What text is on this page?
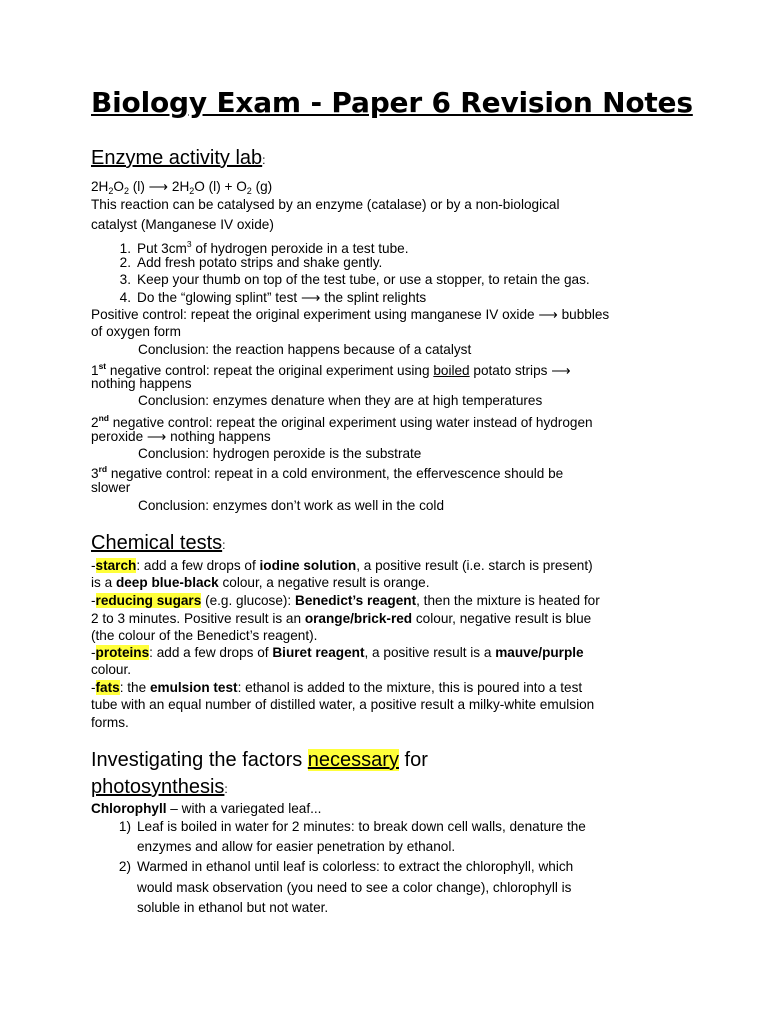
Biology Exam - Paper 6 Revision Notes
Enzyme activity lab:
$2H_2O_2$ (l) ⟶ $2H_2O$ $(l) + O_2$ (g)
This reaction can be catalysed by an enzyme (catalase) or by a non-biological
catalyst (Manganese IV oxide)
1. Put $3cm^3$ of hydrogen peroxide in a test tube.
2. Add fresh potato strips and shake gently.
3. Keep your thumb on top of the test tube, or use a stopper, to retain the gas.
4. Do the “glowing splint” test ⟶ the splint relights
Positive control: repeat the original experiment using manganese IV oxide ⟶ bubbles
of oxygen form
Conclusion: the reaction happens because of a catalyst
1st negative control: repeat the original experiment using boiled potato strips ⟶
nothing happens
Conclusion: enzymes denature when they are at high temperatures
2nd negative control: repeat the original experiment using water instead of hydrogen
peroxide ⟶ nothing happens
Conclusion: hydrogen peroxide is the substrate
3rd negative control: repeat in a cold environment, the effervescence should be
slower
Conclusion: enzymes don’t work as well in the cold
Chemical tests:
-starch: add a few drops of iodine solution, a positive result (i.e. starch is present)
is a deep blue-black colour, a negative result is orange.
-reducing sugars (e.g. glucose): Benedict’s reagent, then the mixture is heated for
2 to 3 minutes. Positive result is an orange/brick-red colour, negative result is blue
(the colour of the Benedict’s reagent).
-proteins: add a few drops of Biuret reagent, a positive result is a mauve/purple
colour.
-fats: the emulsion test: ethanol is added to the mixture, this is poured into a test
tube with an equal number of distilled water, a positive result a milky-white emulsion
forms.
Investigating the factors necessary for
photosynthesis:
Chlorophyll – with a variegated leaf...
1) Leaf is boiled in water for 2 minutes: to break down cell walls, denature the
enzymes and allow for easier penetration by ethanol.
2) Warmed in ethanol until leaf is colorless: to extract the chlorophyll, which
would mask observation (you need to see a color change), chlorophyll is
soluble in ethanol but not water.
